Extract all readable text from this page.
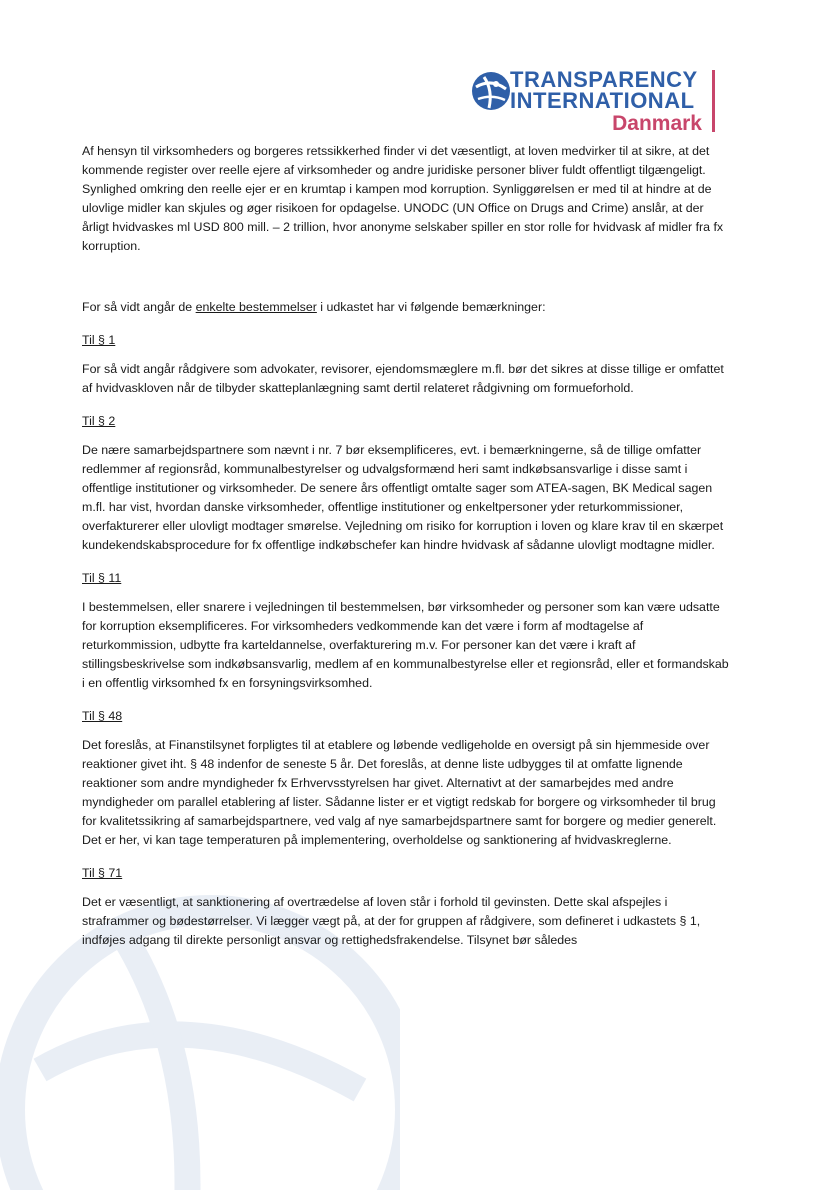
TRANSPARENCY
INTERNATIONAL
Danmark

Af hensyn til virksomheders og borgeres retssikkerhed finder vi det væsentligt, at loven medvirker til at sikre, at det kommende register over reelle ejere af virksomheder og andre juridiske personer bliver fuldt offentligt tilgængeligt. Synlighed omkring den reelle ejer er en krumtap i kampen mod korruption. Synliggørelsen er med til at hindre at de ulovlige midler kan skjules og øger risikoen for opdagelse. UNODC (UN Office on Drugs and Crime) anslår, at der årligt hvidvaskes ml USD 800 mill. – 2 trillion, hvor anonyme selskaber spiller en stor rolle for hvidvask af midler fra fx korruption.

For så vidt angår de enkelte bestemmelser i udkastet har vi følgende bemærkninger:

Til § 1

For så vidt angår rådgivere som advokater, revisorer, ejendomsmæglere m.fl. bør det sikres at disse tillige er omfattet af hvidvaskloven når de tilbyder skatteplanlægning samt dertil relateret rådgivning om formueforhold.

Til § 2

De nære samarbejdspartnere som nævnt i nr. 7 bør eksemplificeres, evt. i bemærkningerne, så de tillige omfatter redlemmer af regionsråd, kommunalbestyrelser og udvalgsformænd heri samt indkøbsansvarlige i disse samt i offentlige institutioner og virksomheder. De senere års offentligt omtalte sager som ATEA-sagen, BK Medical sagen m.fl. har vist, hvordan danske virksomheder, offentlige institutioner og enkeltpersoner yder returkommissioner, overfakturerer eller ulovligt modtager smørelse. Vejledning om risiko for korruption i loven og klare krav til en skærpet kundekendskabsprocedure for fx offentlige indkøbschefer kan hindre hvidvask af sådanne ulovligt modtagne midler.

Til § 11

I bestemmelsen, eller snarere i vejledningen til bestemmelsen, bør virksomheder og personer som kan være udsatte for korruption eksemplificeres. For virksomheders vedkommende kan det være i form af modtagelse af returkommission, udbytte fra karteldannelse, overfakturering m.v. For personer kan det være i kraft af stillingsbeskrivelse som indkøbsansvarlig, medlem af en kommunalbestyrelse eller et regionsråd, eller et formandskab i en offentlig virksomhed fx en forsyningsvirksomhed.

Til § 48

Det foreslås, at Finanstilsynet forpligtes til at etablere og løbende vedligeholde en oversigt på sin hjemmeside over reaktioner givet iht. § 48 indenfor de seneste 5 år. Det foreslås, at denne liste udbygges til at omfatte lignende reaktioner som andre myndigheder fx Erhvervsstyrelsen har givet. Alternativt at der samarbejdes med andre myndigheder om parallel etablering af lister. Sådanne lister er et vigtigt redskab for borgere og virksomheder til brug for kvalitetssikring af samarbejdspartnere, ved valg af nye samarbejdspartnere samt for borgere og medier generelt. Det er her, vi kan tage temperaturen på implementering, overholdelse og sanktionering af hvidvaskreglerne.

Til § 71

Det er væsentligt, at sanktionering af overtrædelse af loven står i forhold til gevinsten. Dette skal afspejles i straframmer og bødestørrelser. Vi lægger vægt på, at der for gruppen af rådgivere, som defineret i udkastets § 1, indføjes adgang til direkte personligt ansvar og rettighedsfrakendelse. Tilsynet bør således
